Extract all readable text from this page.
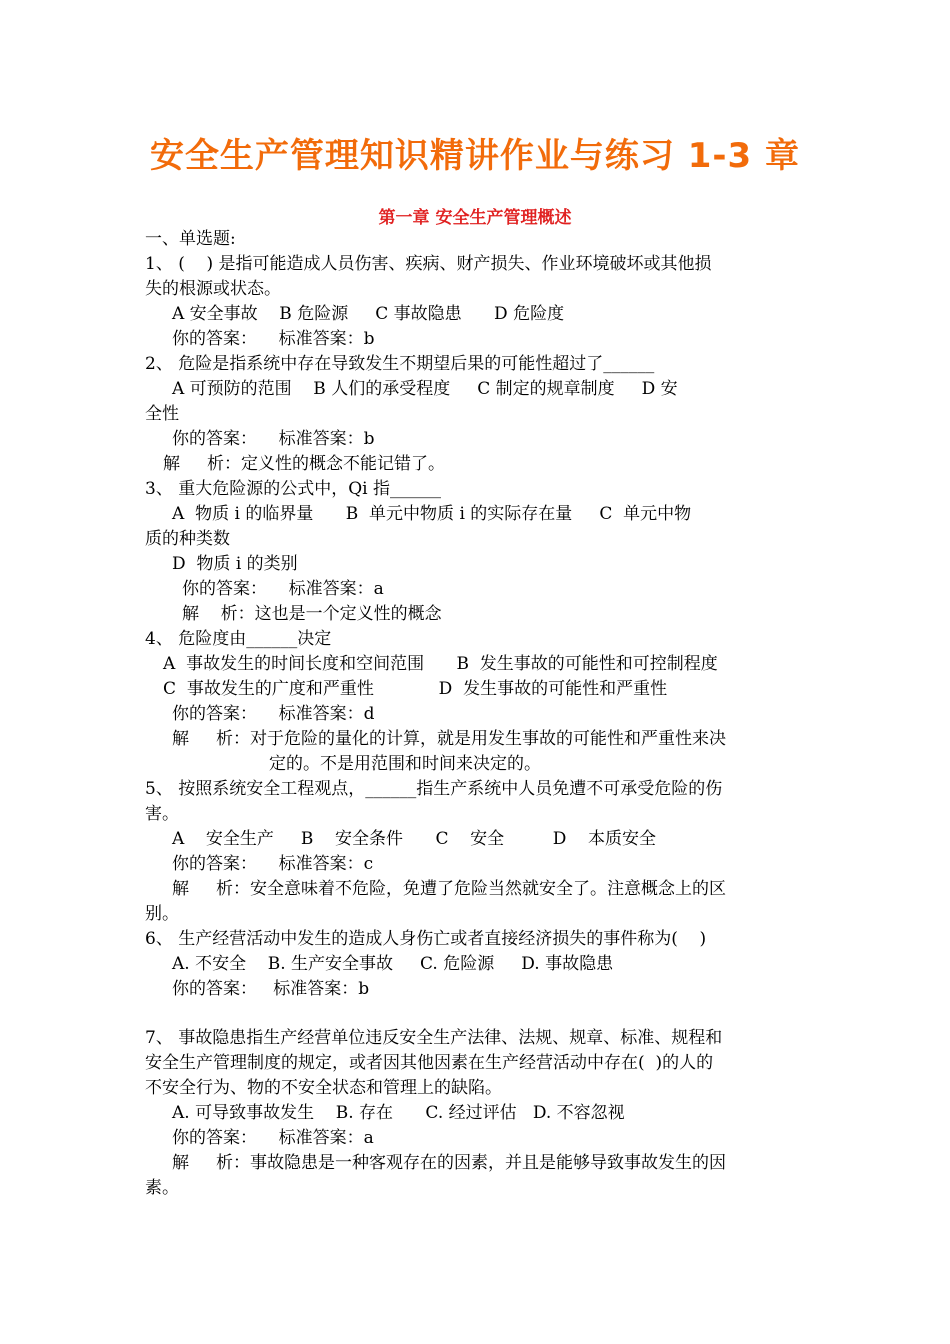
安全生产管理知识精讲作业与练习 1-3 章
第一章 安全生产管理概述
一、单选题:
1、 (    ) 是指可能造成人员伤害、疾病、财产损失、作业环境破坏或其他损
失的根源或状态。
A 安全事故    B 危险源     C 事故隐患      D 危险度
你的答案：    标准答案：b
2、 危险是指系统中存在导致发生不期望后果的可能性超过了______
A 可预防的范围    B 人们的承受程度     C 制定的规章制度     D 安
全性
你的答案：    标准答案：b
解     析：定义性的概念不能记错了。
3、 重大危险源的公式中，Qi 指______
A  物质 i 的临界量      B  单元中物质 i 的实际存在量     C  单元中物
质的种类数
D  物质 i 的类别
你的答案：    标准答案：a
解    析：这也是一个定义性的概念
4、 危险度由______决定
A  事故发生的时间长度和空间范围      B  发生事故的可能性和可控制程度
C  事故发生的广度和严重性            D  发生事故的可能性和严重性
你的答案：    标准答案：d
解     析：对于危险的量化的计算，就是用发生事故的可能性和严重性来决
定的。不是用范围和时间来决定的。
5、 按照系统安全工程观点，______指生产系统中人员免遭不可承受危险的伤
害。
A    安全生产     B    安全条件      C    安全         D    本质安全
你的答案：    标准答案：c
解     析：安全意味着不危险，免遭了危险当然就安全了。注意概念上的区
别。
6、 生产经营活动中发生的造成人身伤亡或者直接经济损失的事件称为(    )
A. 不安全    B. 生产安全事故     C. 危险源     D. 事故隐患
你的答案：   标准答案：b
7、 事故隐患指生产经营单位违反安全生产法律、法规、规章、标准、规程和
安全生产管理制度的规定，或者因其他因素在生产经营活动中存在(  )的人的
不安全行为、物的不安全状态和管理上的缺陷。
A. 可导致事故发生    B. 存在      C. 经过评估   D. 不容忽视
你的答案：    标准答案：a
解     析：事故隐患是一种客观存在的因素，并且是能够导致事故发生的因
素。
